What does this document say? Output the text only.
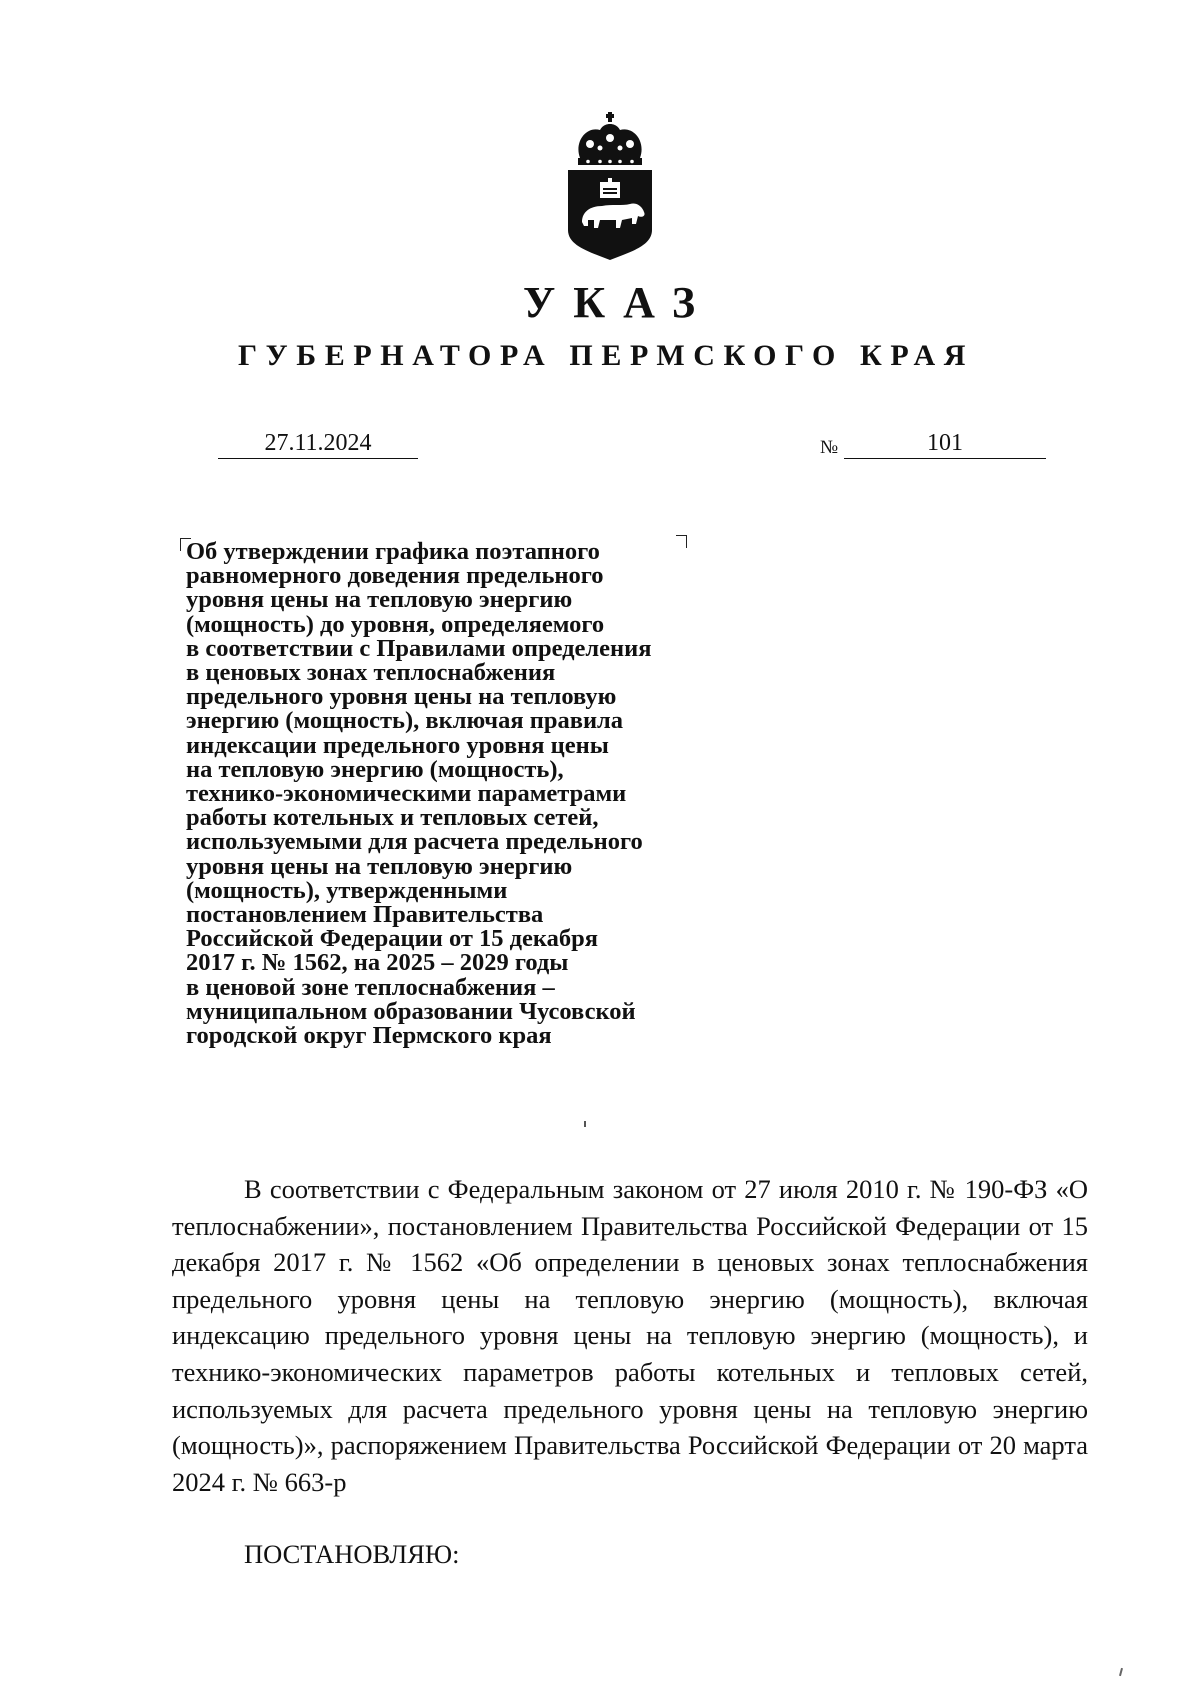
УКАЗ
ГУБЕРНАТОРА ПЕРМСКОГО КРАЯ
27.11.2024	№	101
Об утверждении графика поэтапного
равномерного доведения предельного
уровня цены на тепловую энергию
(мощность) до уровня, определяемого
в соответствии с Правилами определения
в ценовых зонах теплоснабжения
предельного уровня цены на тепловую
энергию (мощность), включая правила
индексации предельного уровня цены
на тепловую энергию (мощность),
технико-экономическими параметрами
работы котельных и тепловых сетей,
используемыми для расчета предельного
уровня цены на тепловую энергию
(мощность), утвержденными
постановлением Правительства
Российской Федерации от 15 декабря
2017 г. № 1562, на 2025 – 2029 годы
в ценовой зоне теплоснабжения –
муниципальном образовании Чусовской
городской округ Пермского края

В соответствии с Федеральным законом от 27 июля 2010 г. № 190-ФЗ «О теплоснабжении», постановлением Правительства Российской Федерации от 15 декабря 2017 г. № 1562 «Об определении в ценовых зонах теплоснабжения предельного уровня цены на тепловую энергию (мощность), включая индексацию предельного уровня цены на тепловую энергию (мощность), и технико-экономических параметров работы котельных и тепловых сетей, используемых для расчета предельного уровня цены на тепловую энергию (мощность)», распоряжением Правительства Российской Федерации от 20 марта 2024 г. № 663-р

ПОСТАНОВЛЯЮ:
